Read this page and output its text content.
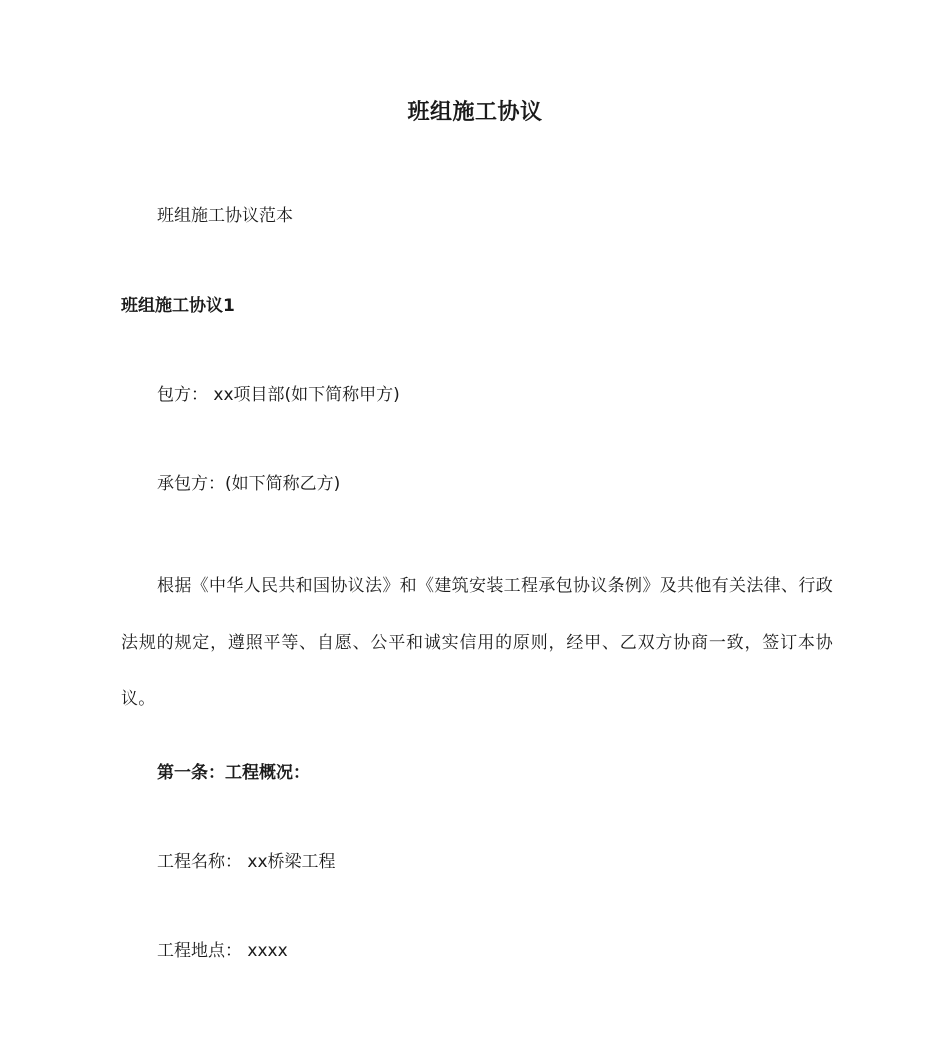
班组施工协议
班组施工协议范本
班组施工协议1
包方： xx项目部(如下简称甲方)
承包方：(如下简称乙方)
根据《中华人民共和国协议法》和《建筑安装工程承包协议条例》及共他有关法律、行政法规的规定，遵照平等、自愿、公平和诚实信用的原则，经甲、乙双方协商一致，签订本协议。
第一条：工程概况：
工程名称： xx桥梁工程
工程地点： xxxx
